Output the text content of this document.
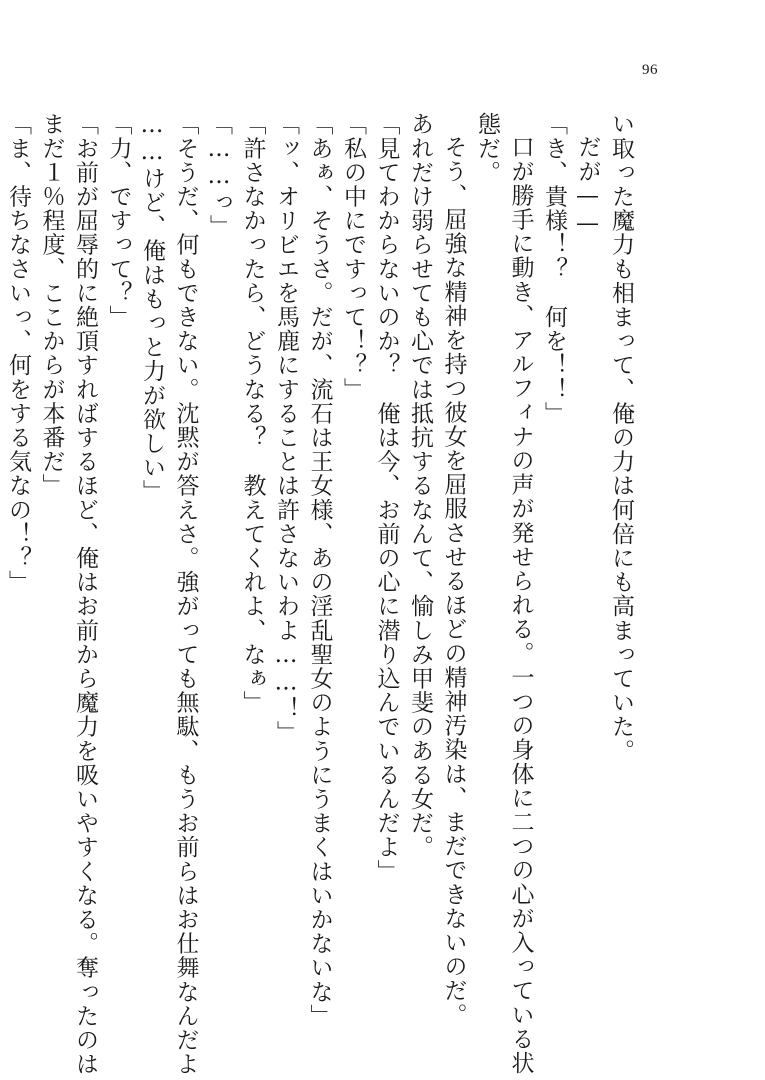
96
い取った魔力も相まって、俺の力は何倍にも高まっていた。
だが——
「き、貴様！？　何を！！」
口が勝手に動き、アルフィナの声が発せられる。一つの身体に二つの心が入っている状
態だ。
そう、屈強な精神を持つ彼女を屈服させるほどの精神汚染は、まだできないのだ。
あれだけ弱らせても心では抵抗するなんて、愉しみ甲斐のある女だ。
「見てわからないのか？　俺は今、お前の心に潜り込んでいるんだよ」
「私の中にですって！？」
「あぁ、そうさ。だが、流石は王女様、あの淫乱聖女のようにうまくはいかないな」
「ッ、オリビエを馬鹿にすることは許さないわよ……！」
「許さなかったら、どうなる？　教えてくれよ、なぁ」
「……っ」
「そうだ、何もできない。沈黙が答えさ。強がっても無駄、もうお前らはお仕舞なんだよ
……けど、俺はもっと力が欲しい」
「力、ですって？」
「お前が屈辱的に絶頂すればするほど、俺はお前から魔力を吸いやすくなる。奪ったのは
まだ１％程度、ここからが本番だ」
「ま、待ちなさいっ、何をする気なの！？」
